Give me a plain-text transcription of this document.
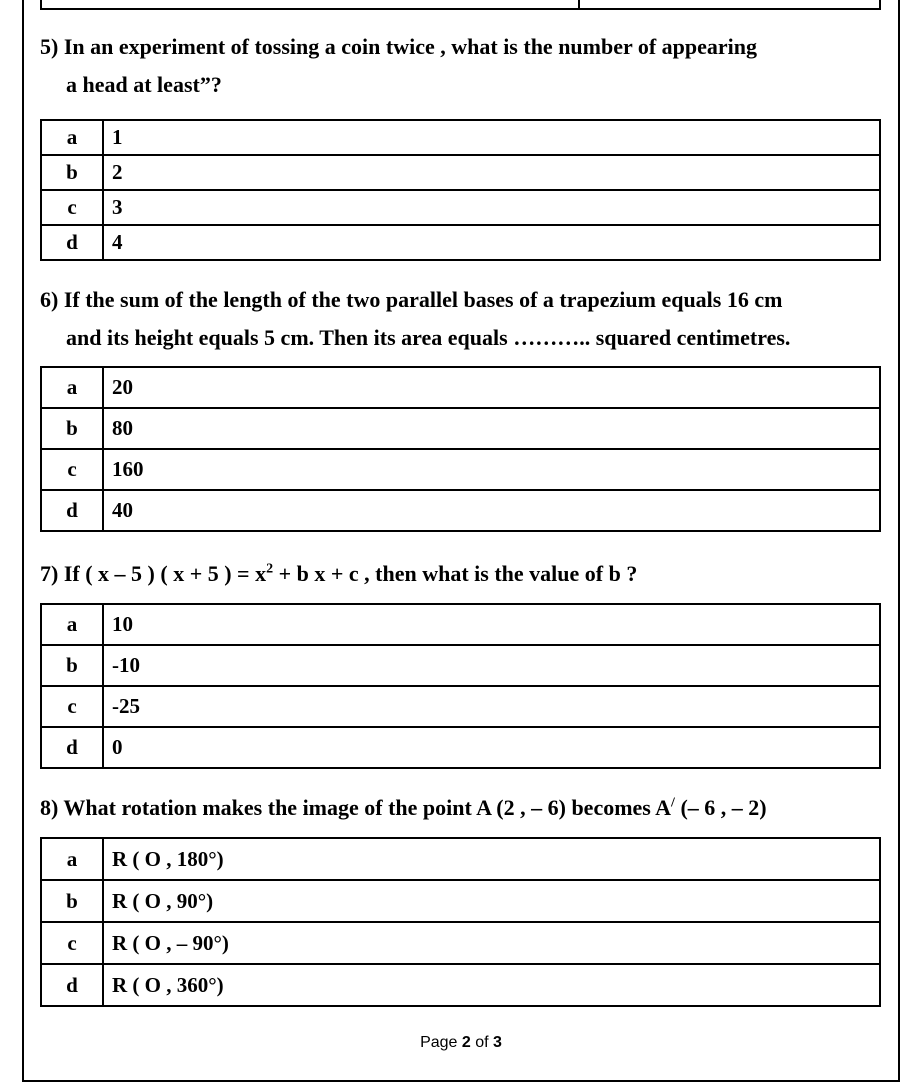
5) In an experiment of tossing a coin twice , what is the number of appearing
a head at least”?
a	1
b	2
c	3
d	4
6) If the sum of the length of the two parallel bases of a trapezium equals 16 cm
and its height equals 5 cm. Then its area equals ……….. squared centimetres.
a	20
b	80
c	160
d	40
7) If ( x – 5 ) ( x + 5 ) = $x^2 + b$ x + c , then what is the value of b ?
a	10
b	-10
c	-25
d	0
8) What rotation makes the image of the point A (2 , – 6) becomes A/ (– 6 , – 2)
a	R ( O , 180°)
b	R ( O , 90°)
c	R ( O , – 90°)
d	R ( O , 360°)
Page 2 of 3
